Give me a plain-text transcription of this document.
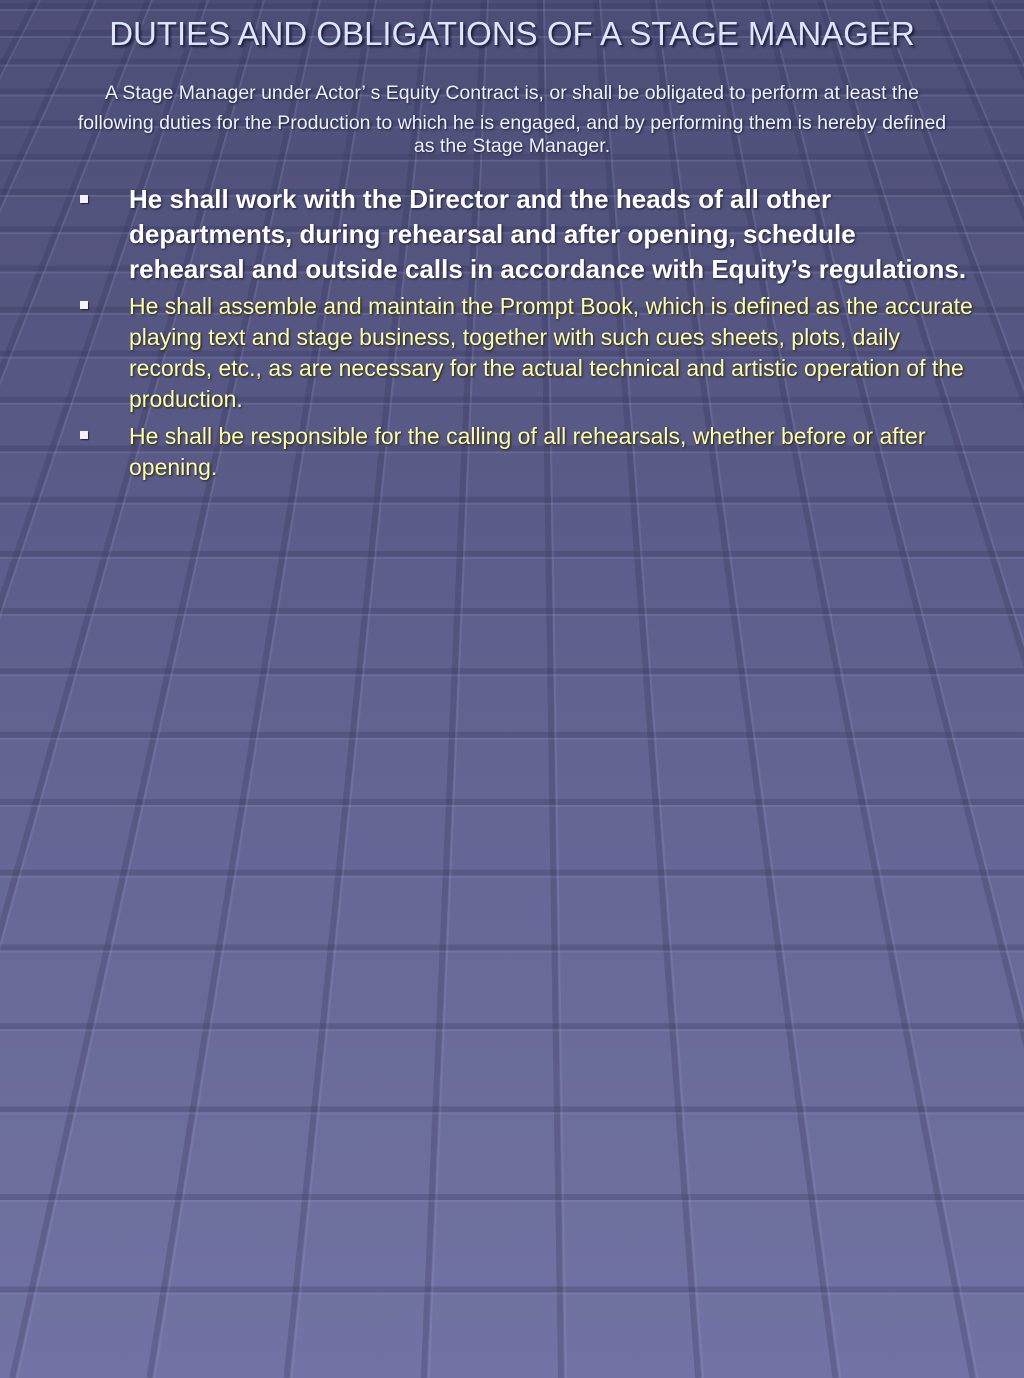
DUTIES AND OBLIGATIONS OF A STAGE MANAGER

A Stage Manager under Actor’ s Equity Contract is, or shall be obligated to perform at least the
following duties for the Production to which he is engaged, and by performing them is hereby defined

as the Stage Manager.

He shall work with the Director and the heads of all other departments, during rehearsal and after opening, schedule rehearsal and outside calls in accordance with Equity’s regulations.
He shall assemble and maintain the Prompt Book, which is defined as the accurate playing text and stage business, together with such cues sheets, plots, daily records, etc., as are necessary for the actual technical and artistic operation of the production.
He shall be responsible for the calling of all rehearsals, whether before or after opening.
